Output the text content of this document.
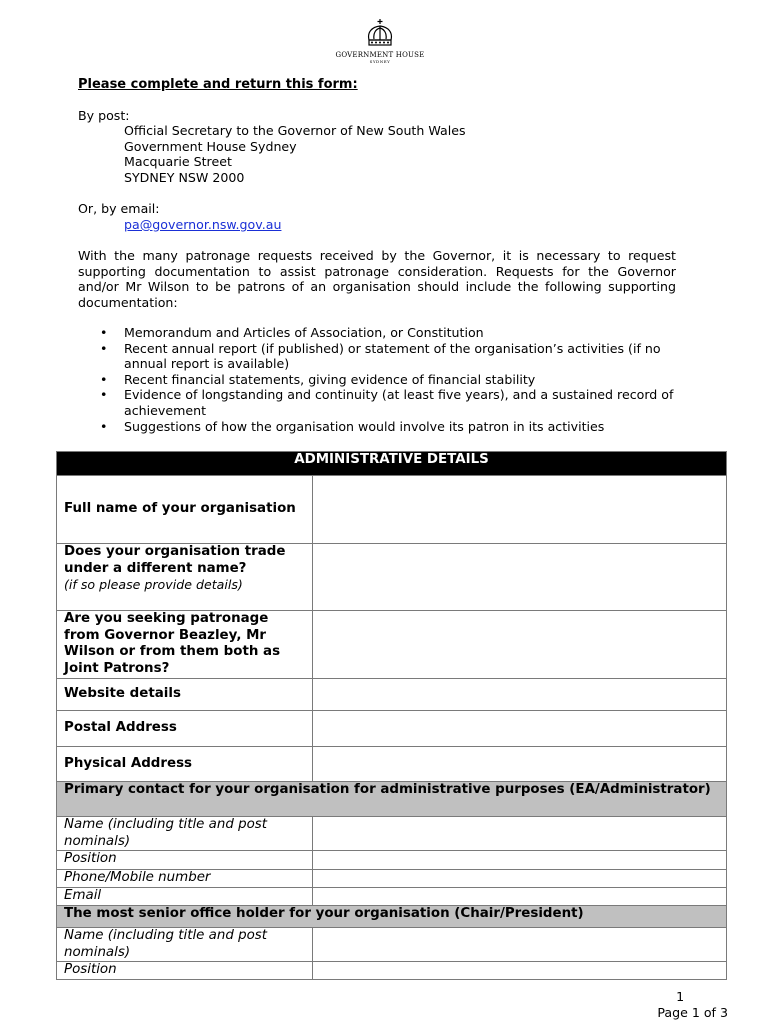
GOVERNMENT HOUSE
SYDNEY
Please complete and return this form:
By post:
Official Secretary to the Governor of New South Wales
Government House Sydney
Macquarie Street
SYDNEY NSW 2000
Or, by email:
pa@governor.nsw.gov.au
With the many patronage requests received by the Governor, it is necessary to request supporting documentation to assist patronage consideration. Requests for the Governor and/or Mr Wilson to be patrons of an organisation should include the following supporting documentation:
• Memorandum and Articles of Association, or Constitution
• Recent annual report (if published) or statement of the organisation’s activities (if no annual report is available)
• Recent financial statements, giving evidence of financial stability
• Evidence of longstanding and continuity (at least five years), and a sustained record of achievement
• Suggestions of how the organisation would involve its patron in its activities
ADMINISTRATIVE DETAILS	
Full name of your organisation	

Does your organisation trade under a different name?
(if so please provide details)	

Are you seeking patronage from Governor Beazley, Mr Wilson or from them both as Joint Patrons?	
Website details	
Postal Address	
Physical Address	
Primary contact for your organisation for administrative purposes (EA/Administrator)	
Name (including title and post nominals)	
Position	
Phone/Mobile number	
Email	
The most senior office holder for your organisation (Chair/President)	
Name (including title and post nominals)	
Position	
1
Page 1 of 3
